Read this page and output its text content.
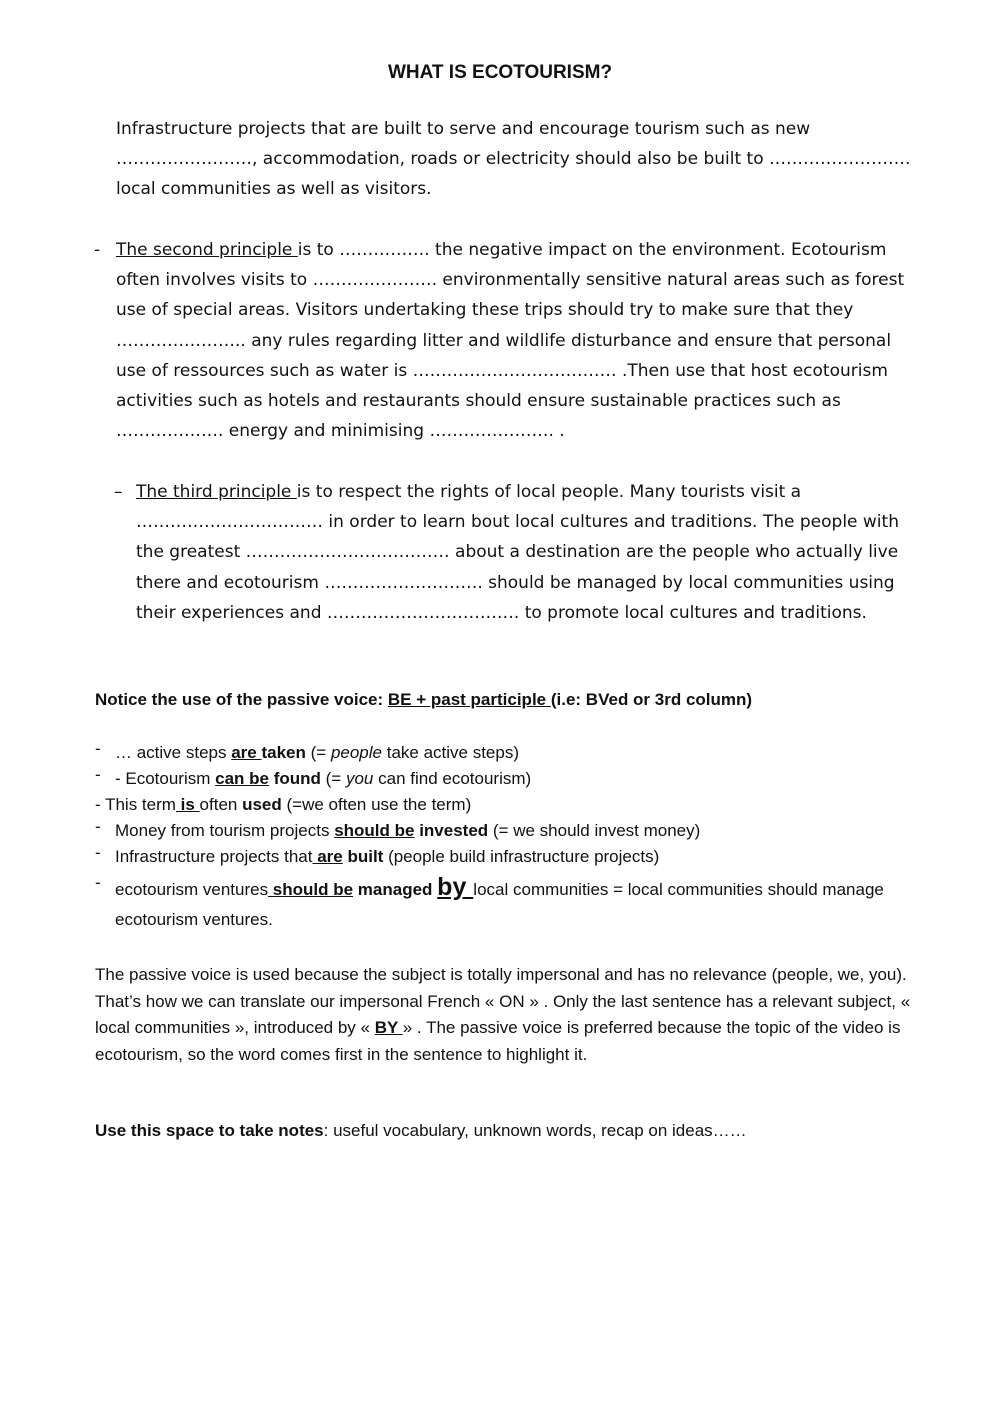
WHAT IS ECOTOURISM?

Infrastructure projects that are built to serve and encourage tourism such as new ……………………, accommodation, roads or electricity should also be built to ……………………. local communities as well as visitors.

- The second principle is to ……………. the negative impact on the environment. Ecotourism often involves visits to …………………. environmentally sensitive natural areas such as forest use of special areas. Visitors undertaking these trips should try to make sure that they ………………….. any rules regarding litter and wildlife disturbance and ensure that personal use of ressources such as water is ……………………………… .Then use that host ecotourism activities such as hotels and restaurants should ensure sustainable practices such as ………………. energy and minimising …………………. .
– The third principle is to respect the rights of local people. Many tourists visit a …………………………… in order to learn bout local cultures and traditions. The people with the greatest ……………………………… about a destination are the people who actually live there and ecotourism ………………………. should be managed by local communities using their experiences and ……………………………. to promote local cultures and traditions.

Notice the use of the passive voice: BE + past participle (i.e: BVed or 3rd column)

- … active steps are taken (= people take active steps)
- - Ecotourism can be found (= you can find ecotourism)
- This term is often used (=we often use the term)
- Money from tourism projects should be invested (= we should invest money)
- Infrastructure projects that are built (people build infrastructure projects)
- ecotourism ventures should be managed by local communities = local communities should manage ecotourism ventures.

The passive voice is used because the subject is totally impersonal and has no relevance (people, we, you). That’s how we can translate our impersonal French « ON » . Only the last sentence has a relevant subject, « local communities », introduced by « BY » . The passive voice is preferred because the topic of the video is ecotourism, so the word comes first in the sentence to highlight it.

Use this space to take notes: useful vocabulary, unknown words, recap on ideas……
